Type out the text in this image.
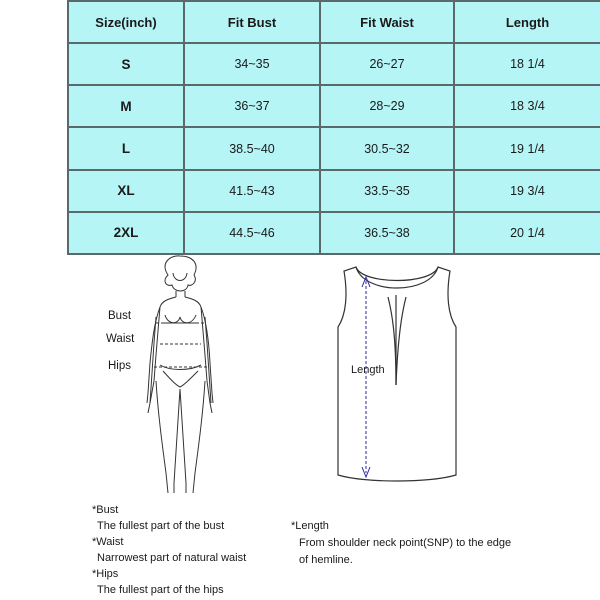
Size(inch)	Fit Bust	Fit Waist	Length
S	34~35	26~27	18 1/4
M	36~37	28~29	18 3/4
L	38.5~40	30.5~32	19 1/4
XL	41.5~43	33.5~35	19 3/4
2XL	44.5~46	36.5~38	20 1/4
Bust
Waist
Hips	Length
*Bust
The fullest part of the bust
*Waist
Narrowest part of natural waist
*Hips
The fullest part of the hips
*Length
From shoulder neck point(SNP) to the edge
of hemline.
